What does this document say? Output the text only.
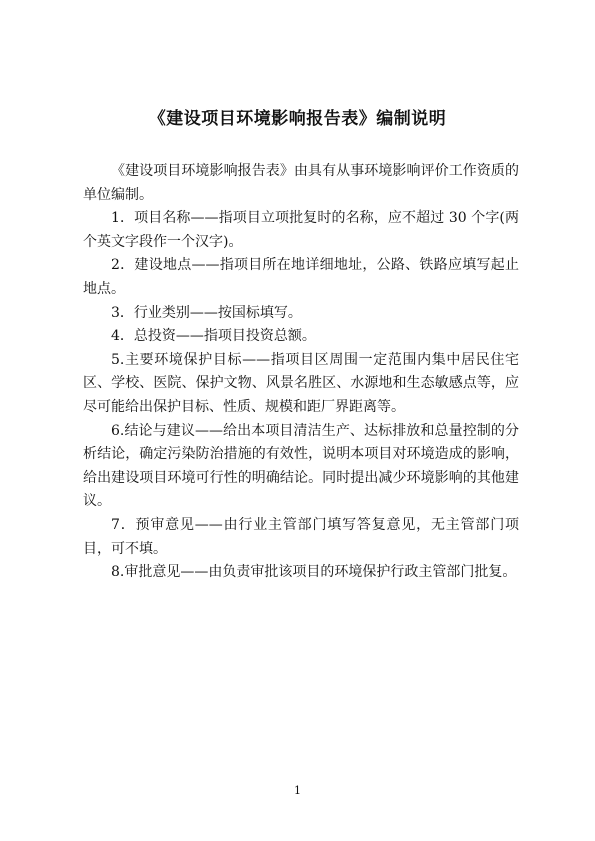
《建设项目环境影响报告表》编制说明

《建设项目环境影响报告表》由具有从事环境影响评价工作资质的单位编制。

1．项目名称——指项目立项批复时的名称，应不超过 30 个字(两个英文字段作一个汉字)。

2．建设地点——指项目所在地详细地址，公路、铁路应填写起止地点。

3．行业类别——按国标填写。

4．总投资——指项目投资总额。

5.主要环境保护目标——指项目区周围一定范围内集中居民住宅区、学校、医院、保护文物、风景名胜区、水源地和生态敏感点等，应尽可能给出保护目标、性质、规模和距厂界距离等。

6.结论与建议——给出本项目清洁生产、达标排放和总量控制的分析结论，确定污染防治措施的有效性，说明本项目对环境造成的影响，给出建设项目环境可行性的明确结论。同时提出减少环境影响的其他建议。

7．预审意见——由行业主管部门填写答复意见，无主管部门项目，可不填。

8.审批意见——由负责审批该项目的环境保护行政主管部门批复。

1
